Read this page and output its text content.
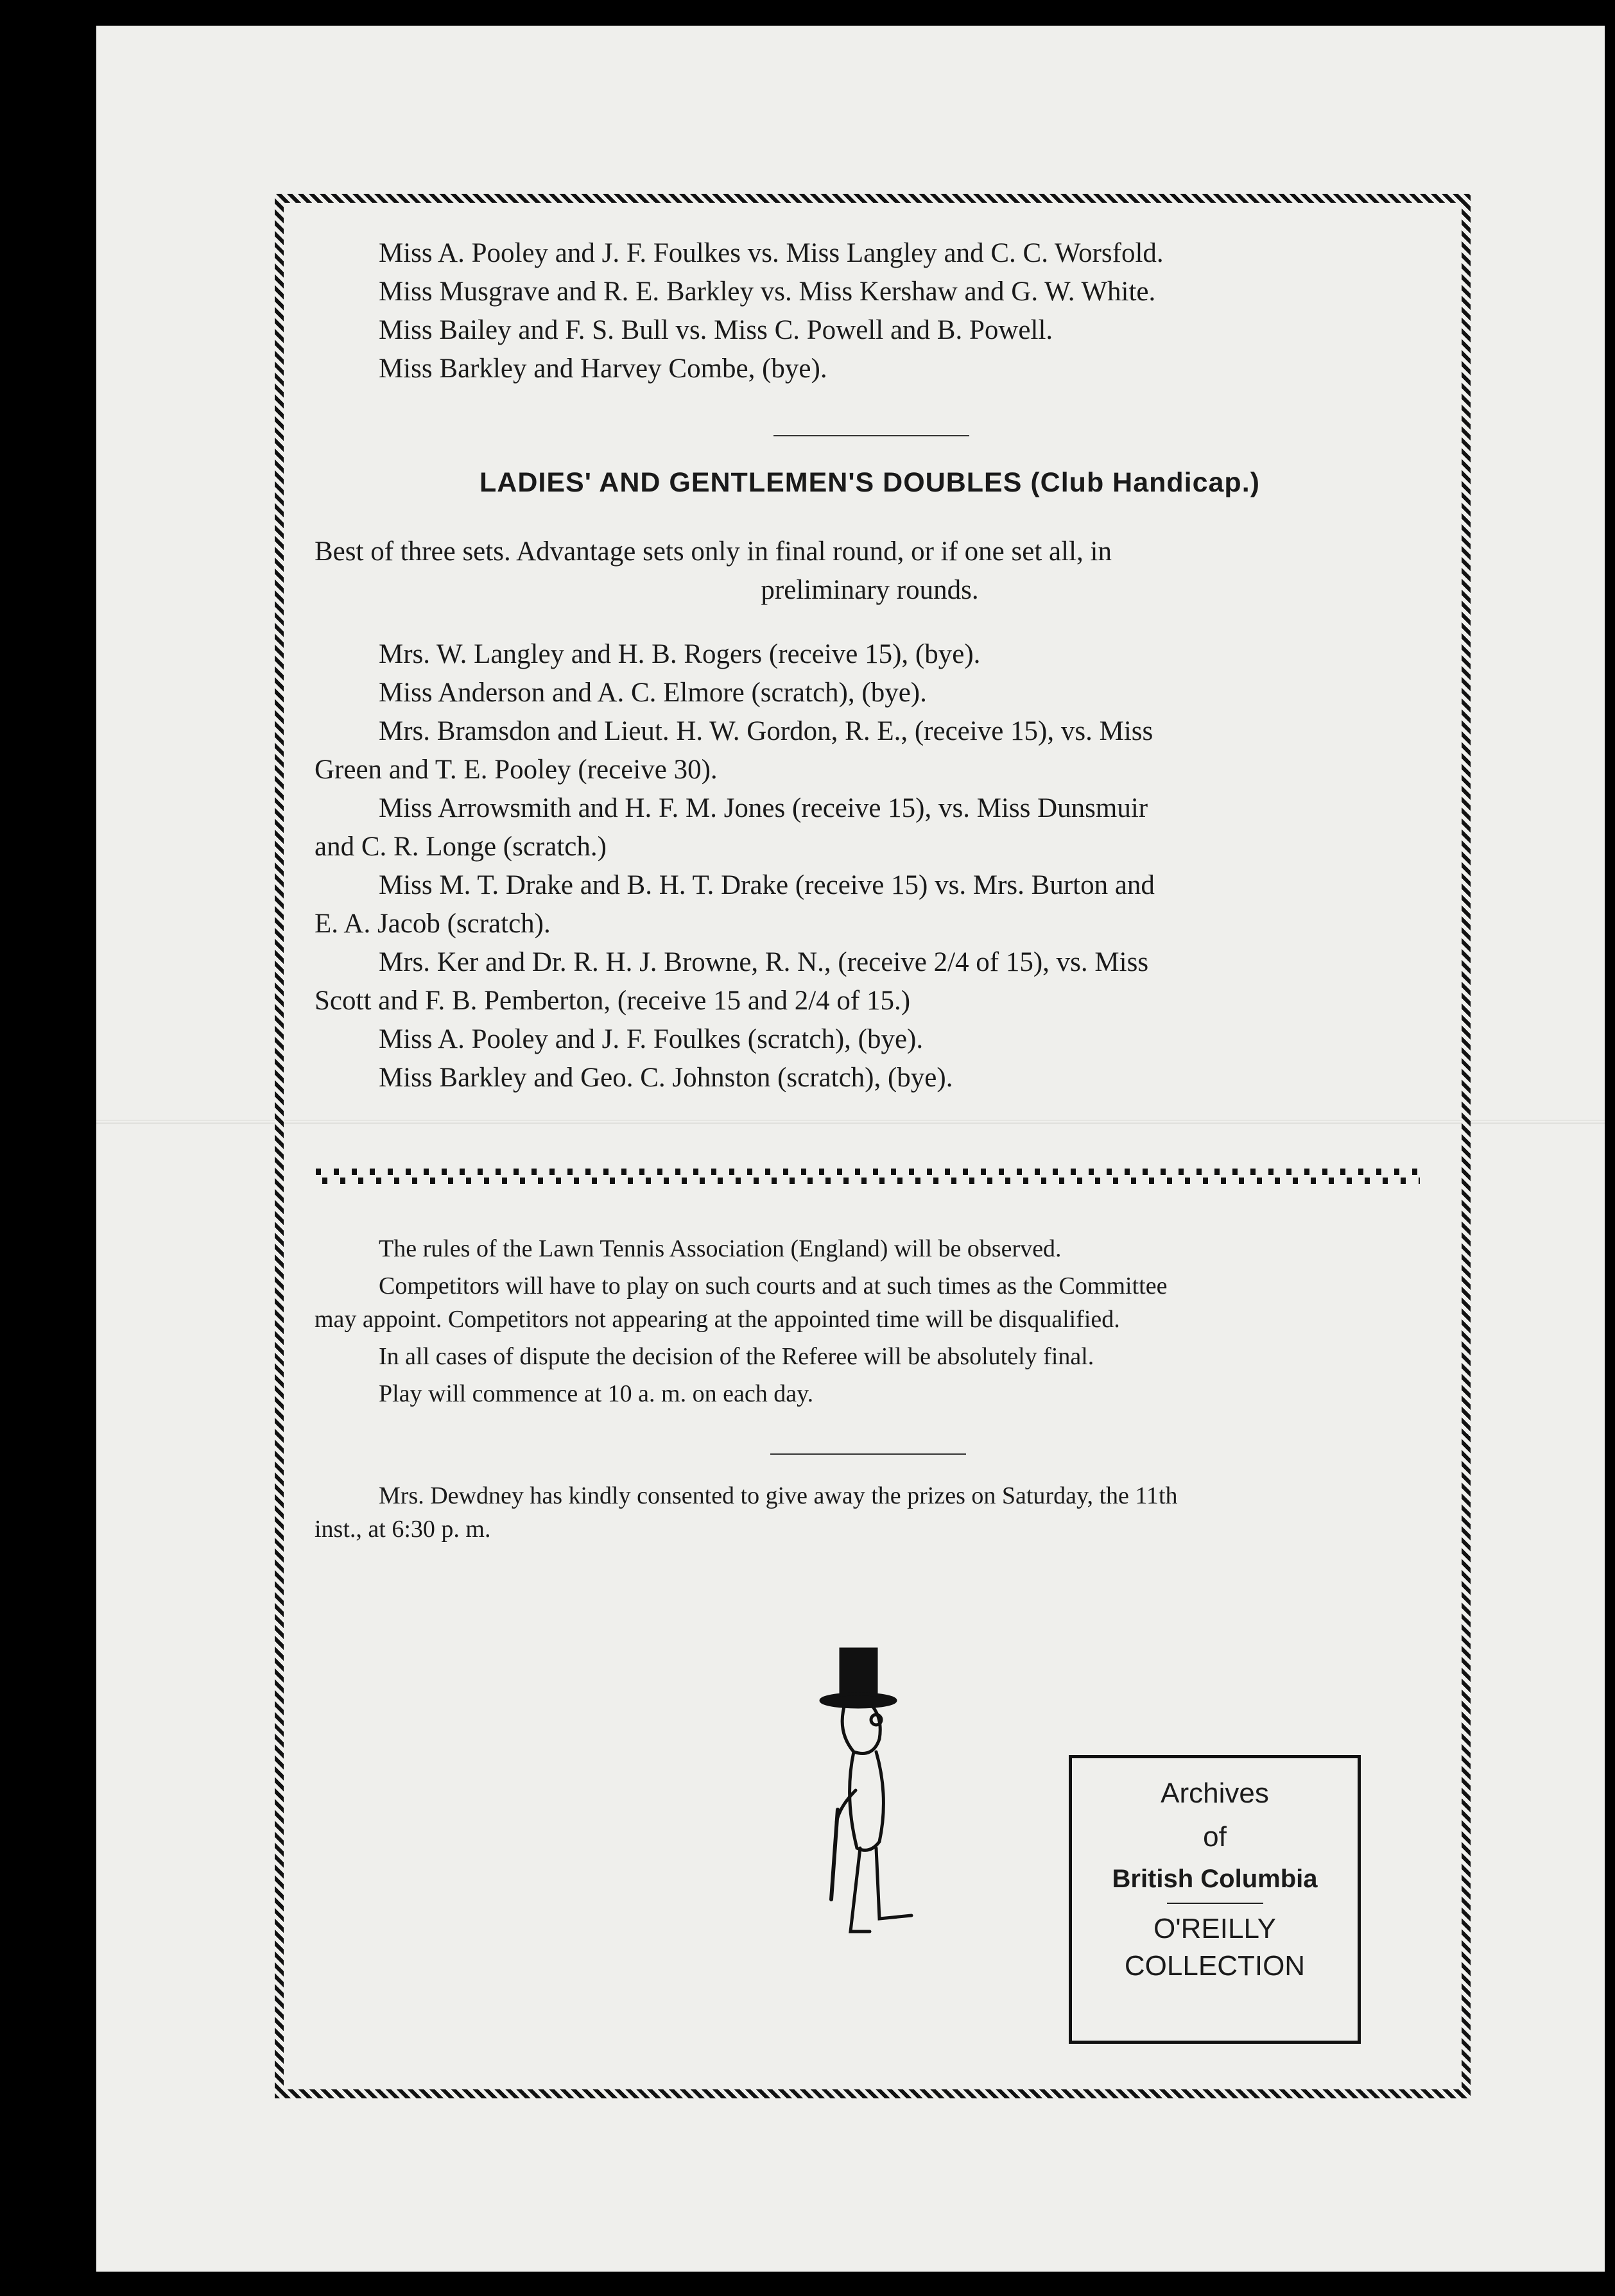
Miss A. Pooley and J. F. Foulkes vs. Miss Langley and C. C. Worsfold.
Miss Musgrave and R. E. Barkley vs. Miss Kershaw and G. W. White.
Miss Bailey and F. S. Bull vs. Miss C. Powell and B. Powell.
Miss Barkley and Harvey Combe, (bye).
LADIES' AND GENTLEMEN'S DOUBLES (Club Handicap.)
Best of three sets. Advantage sets only in final round, or if one set all, in
preliminary rounds.
Mrs. W. Langley and H. B. Rogers (receive 15), (bye).
Miss Anderson and A. C. Elmore (scratch), (bye).
Mrs. Bramsdon and Lieut. H. W. Gordon, R. E., (receive 15), vs. Miss
Green and T. E. Pooley (receive 30).
Miss Arrowsmith and H. F. M. Jones (receive 15), vs. Miss Dunsmuir
and C. R. Longe (scratch.)
Miss M. T. Drake and B. H. T. Drake (receive 15) vs. Mrs. Burton and
E. A. Jacob (scratch).
Mrs. Ker and Dr. R. H. J. Browne, R. N., (receive 2/4 of 15), vs. Miss
Scott and F. B. Pemberton, (receive 15 and 2/4 of 15.)
Miss A. Pooley and J. F. Foulkes (scratch), (bye).
Miss Barkley and Geo. C. Johnston (scratch), (bye).

The rules of the Lawn Tennis Association (England) will be observed.

Competitors will have to play on such courts and at such times as the Committee

may appoint. Competitors not appearing at the appointed time will be disqualified.

In all cases of dispute the decision of the Referee will be absolutely final.

Play will commence at 10 a. m. on each day.

Mrs. Dewdney has kindly consented to give away the prizes on Saturday, the 11th

inst., at 6:30 p. m.

Archives
of
British Columbia
O'REILLY
COLLECTION
